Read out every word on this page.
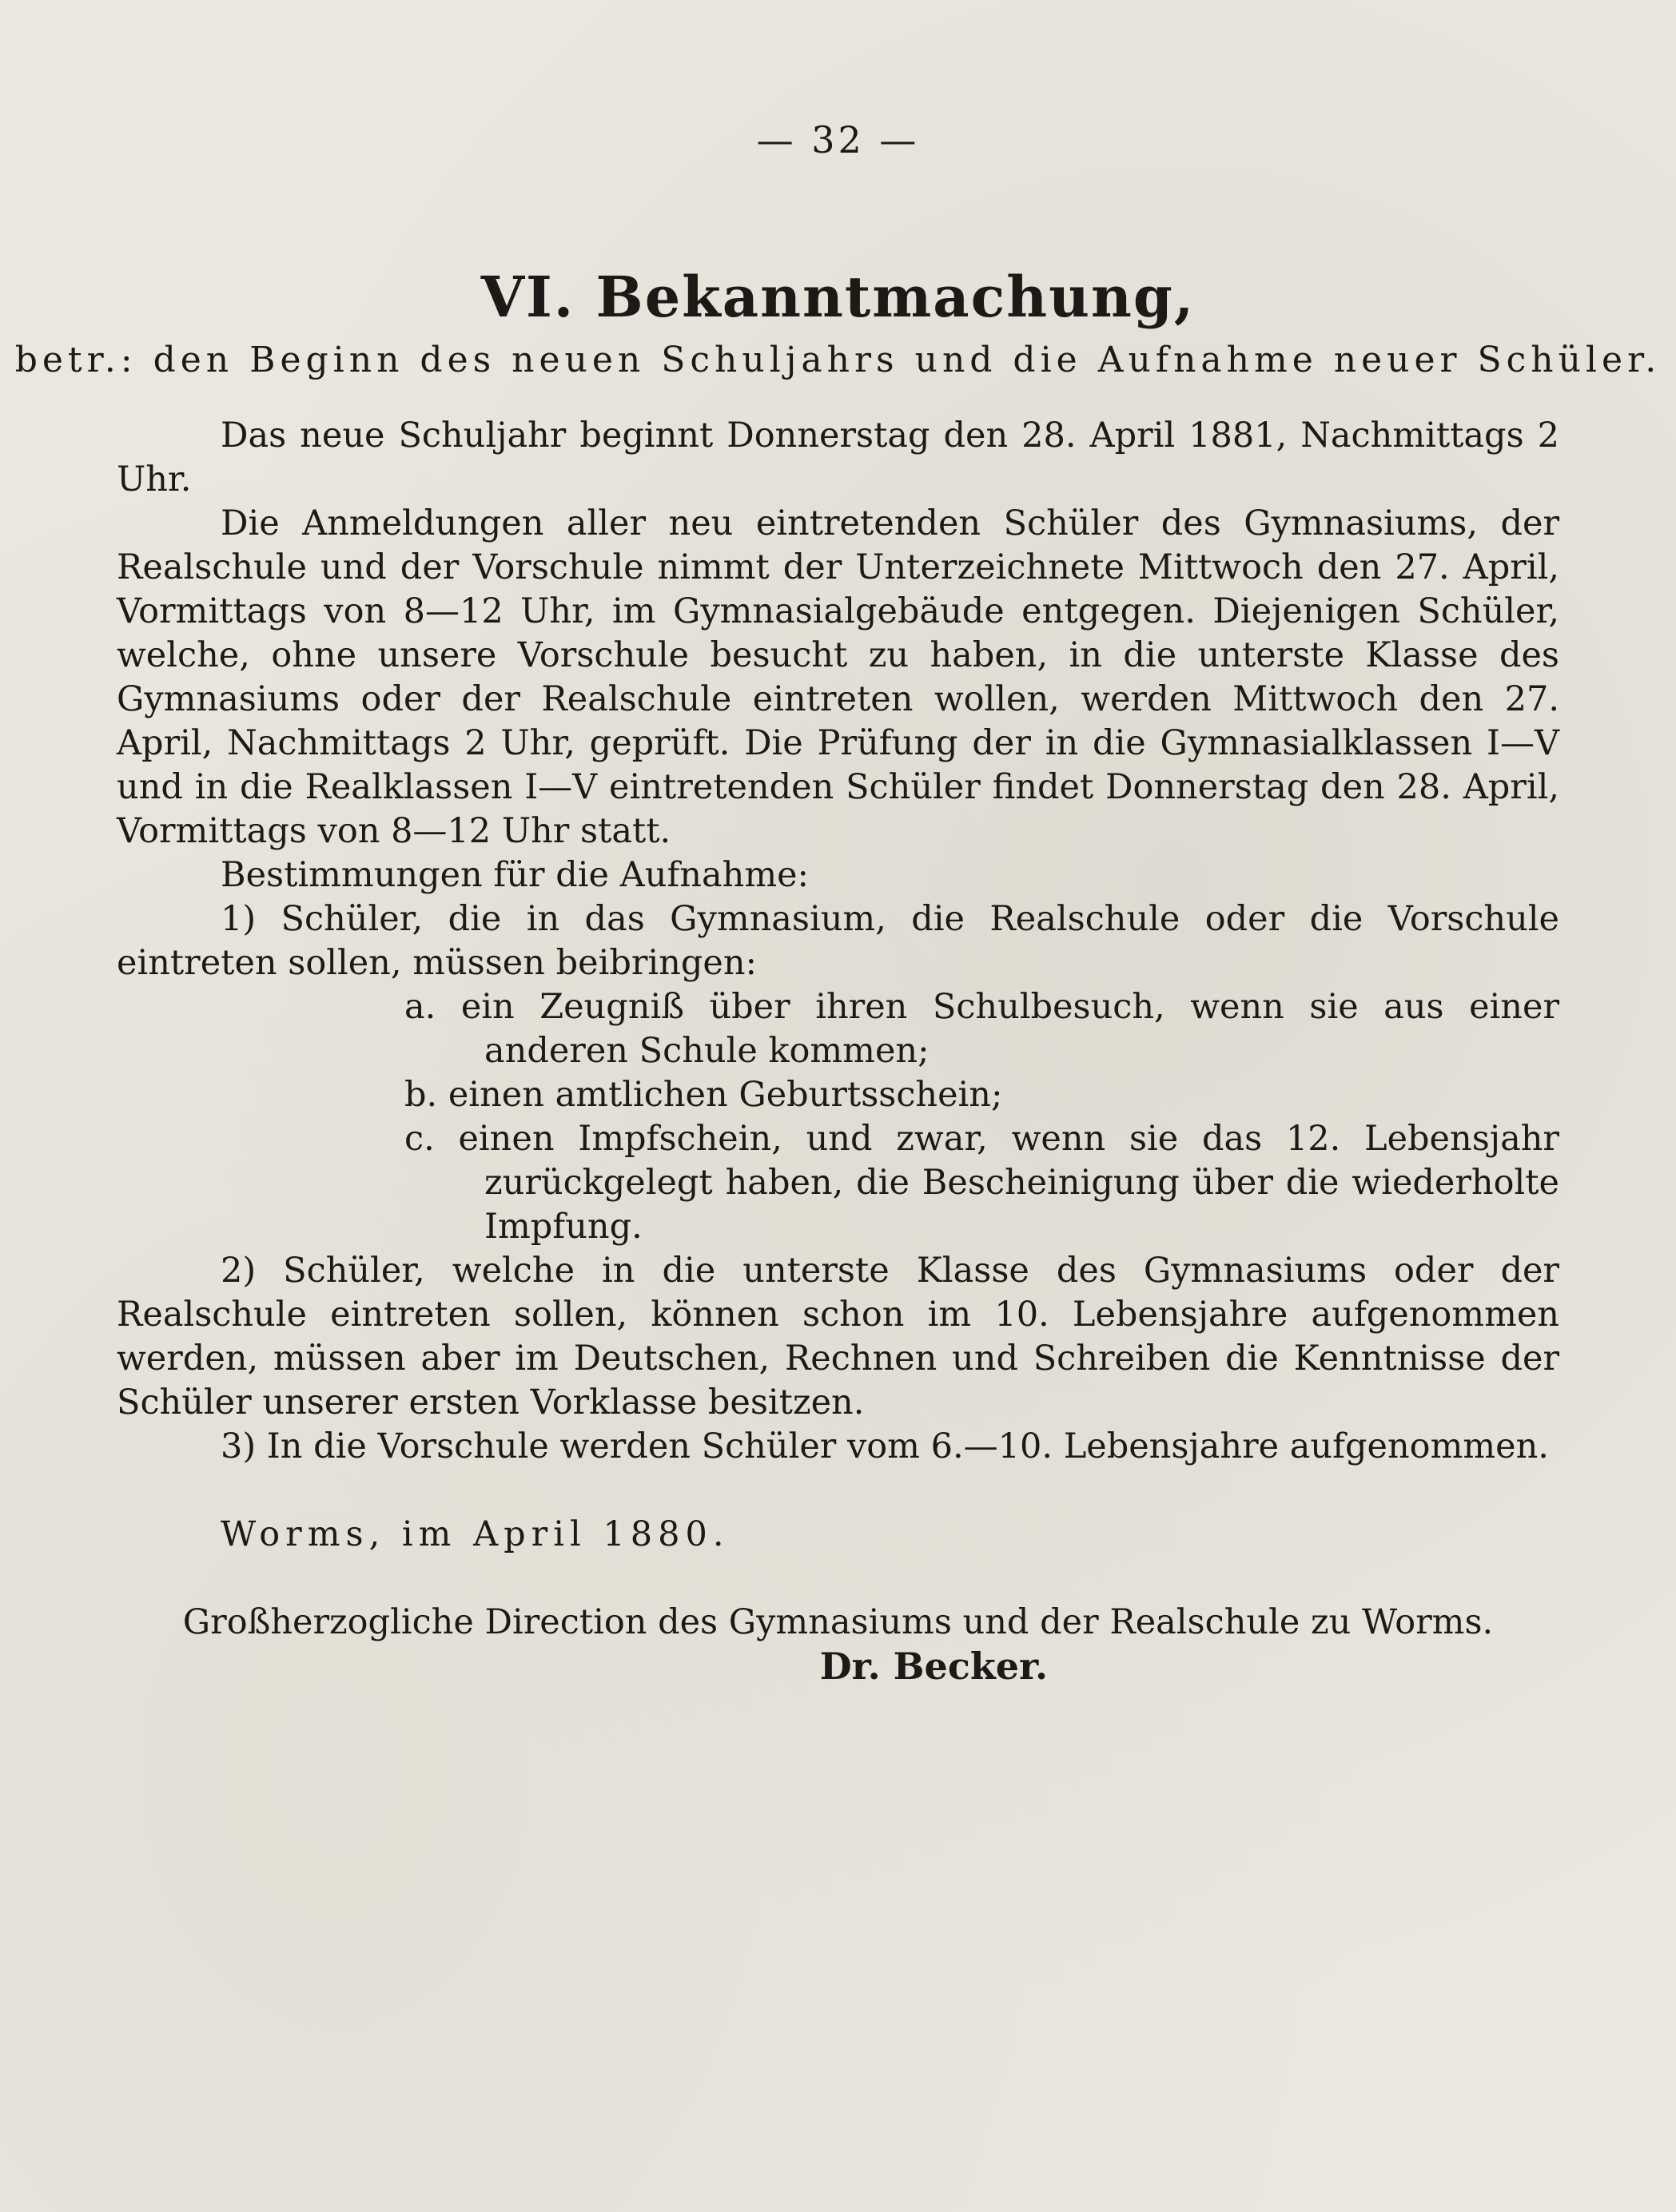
— 32 —
VI. Bekanntmachung,
betr.: den Beginn des neuen Schuljahrs und die Aufnahme neuer Schüler.

Das neue Schuljahr beginnt Donnerstag den 28. April 1881, Nachmittags 2 Uhr.

Die Anmeldungen aller neu eintretenden Schüler des Gymnasiums, der Realschule und der Vorschule nimmt der Unterzeichnete Mittwoch den 27. April, Vormittags von 8—12 Uhr, im Gymnasialgebäude entgegen. Diejenigen Schüler, welche, ohne unsere Vorschule besucht zu haben, in die unterste Klasse des Gymnasiums oder der Realschule eintreten wollen, werden Mittwoch den 27. April, Nachmittags 2 Uhr, geprüft. Die Prüfung der in die Gymnasialklassen I—V und in die Realklassen I—V eintretenden Schüler findet Donnerstag den 28. April, Vormittags von 8—12 Uhr statt.

Bestimmungen für die Aufnahme:

1) Schüler, die in das Gymnasium, die Realschule oder die Vorschule eintreten sollen, müssen beibringen:

a. ein Zeugniß über ihren Schulbesuch, wenn sie aus einer anderen Schule kommen;

b. einen amtlichen Geburtsschein;

c. einen Impfschein, und zwar, wenn sie das 12. Lebensjahr zurückgelegt haben, die Bescheinigung über die wiederholte Impfung.

2) Schüler, welche in die unterste Klasse des Gymnasiums oder der Realschule eintreten sollen, können schon im 10. Lebensjahre aufgenommen werden, müssen aber im Deutschen, Rechnen und Schreiben die Kenntnisse der Schüler unserer ersten Vorklasse besitzen.

3) In die Vorschule werden Schüler vom 6.—10. Lebensjahre aufgenommen.

Worms, im April 1880.

Großherzogliche Direction des Gymnasiums und der Realschule zu Worms.

Dr. Becker.
